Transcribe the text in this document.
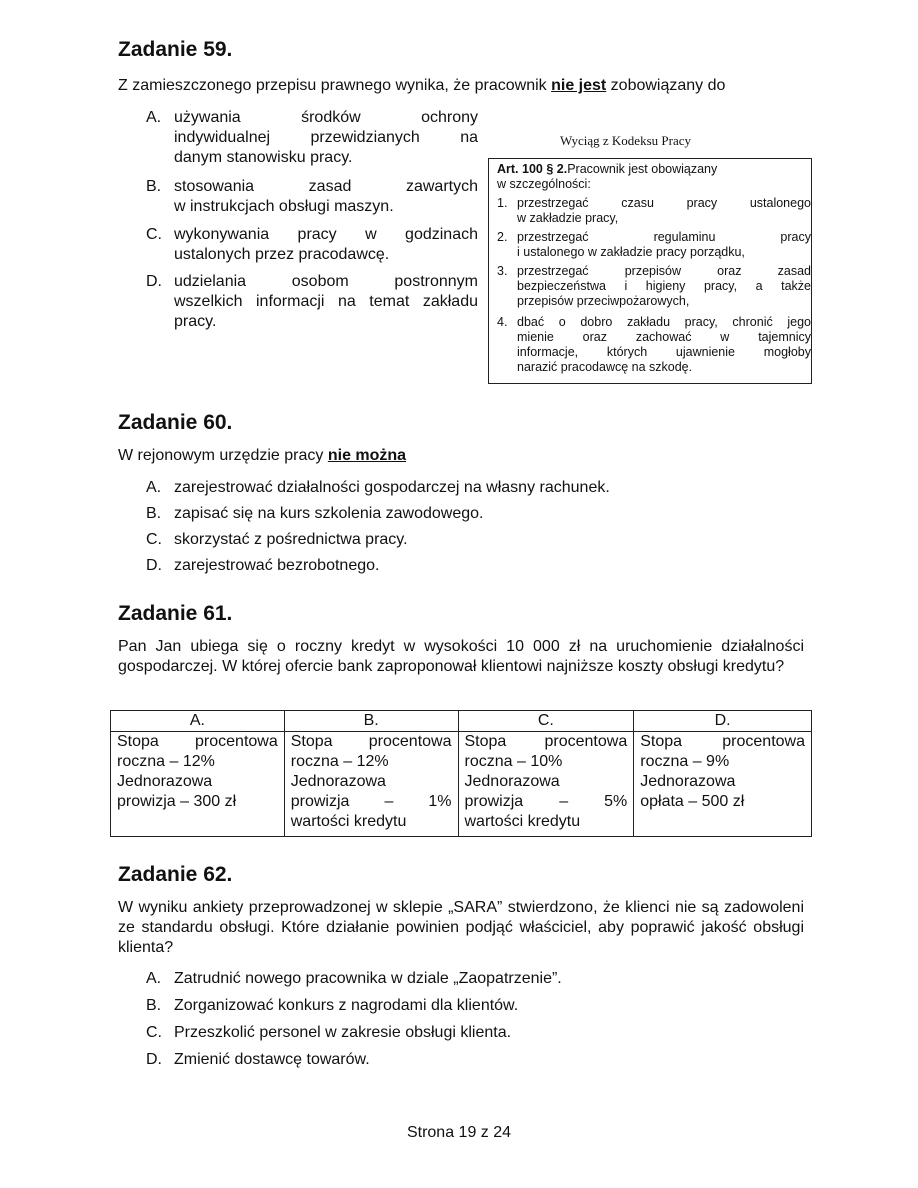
Zadanie 59.
Z zamieszczonego przepisu prawnego wynika, że pracownik nie jest zobowiązany do
A. używania środków ochrony
indywidualnej przewidzianych na
danym stanowisku pracy.
B. stosowania zasad zawartych
w instrukcjach obsługi maszyn.
C. wykonywania pracy w godzinach
ustalonych przez pracodawcę.
D. udzielania osobom postronnym
wszelkich informacji na temat zakładu
pracy.
Wyciąg z Kodeksu Pracy
Art. 100 § 2.Pracownik jest obowiązany
w szczególności:
1. przestrzegać czasu pracy ustalonego
w zakładzie pracy,
2. przestrzegać regulaminu pracy
i ustalonego w zakładzie pracy porządku,
3. przestrzegać przepisów oraz zasad
bezpieczeństwa i higieny pracy, a także
przepisów przeciwpożarowych,
4. dbać o dobro zakładu pracy, chronić jego
mienie oraz zachować w tajemnicy
informacje, których ujawnienie mogłoby
narazić pracodawcę na szkodę.
Zadanie 60.
W rejonowym urzędzie pracy nie można
A. zarejestrować działalności gospodarczej na własny rachunek.
B. zapisać się na kurs szkolenia zawodowego.
C. skorzystać z pośrednictwa pracy.
D. zarejestrować bezrobotnego.
Zadanie 61.
Pan Jan ubiega się o roczny kredyt w wysokości 10 000 zł na uruchomienie działalności gospodarczej. W której ofercie bank zaproponował klientowi najniższe koszty obsługi kredytu?
A.	B.	C.	D.

Stopa procentowa
roczna – 12%
Jednorazowa
prowizja – 300 zł	Stopa procentowa
roczna – 12%
Jednorazowa
prowizja – 1%
wartości kredytu	Stopa procentowa
roczna – 10%
Jednorazowa
prowizja – 5%
wartości kredytu	Stopa procentowa
roczna – 9%
Jednorazowa
opłata – 500 zł
Zadanie 62.
W wyniku ankiety przeprowadzonej w sklepie „SARA” stwierdzono, że klienci nie są zadowoleni ze standardu obsługi. Które działanie powinien podjąć właściciel, aby poprawić jakość obsługi klienta?
A. Zatrudnić nowego pracownika w dziale „Zaopatrzenie”.
B. Zorganizować konkurs z nagrodami dla klientów.
C. Przeszkolić personel w zakresie obsługi klienta.
D. Zmienić dostawcę towarów.
Strona 19 z 24
